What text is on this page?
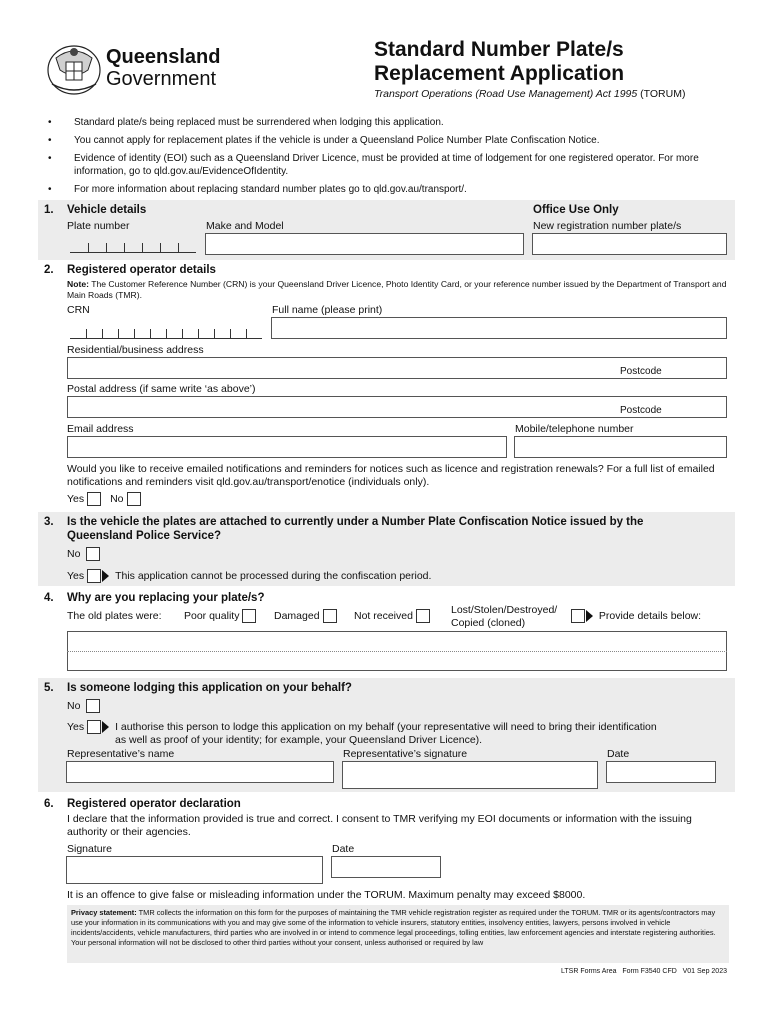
Queensland
Government
Standard Number Plate/s
Replacement Application
Transport Operations (Road Use Management) Act 1995 (TORUM)
• Standard plate/s being replaced must be surrendered when lodging this application.
• You cannot apply for replacement plates if the vehicle is under a Queensland Police Number Plate Confiscation Notice.
• Evidence of identity (EOI) such as a Queensland Driver Licence, must be provided at time of lodgement for one registered operator. For more information, go to qld.gov.au/EvidenceOfIdentity.
• For more information about replacing standard number plates go to qld.gov.au/transport/.
1. Vehicle details
Plate number	Make and Model
Office Use Only
New registration number plate/s
2. Registered operator details
Note: The Customer Reference Number (CRN) is your Queensland Driver Licence, Photo Identity Card, or your reference number issued by the Department of Transport and Main Roads (TMR).
CRN	Full name (please print)
Residential/business address
Postcode
Postal address (if same write ‘as above’)
Postcode
Email address	Mobile/telephone number
Would you like to receive emailed notifications and reminders for notices such as licence and registration renewals? For a full list of emailed notifications and reminders visit qld.gov.au/transport/enotice (individuals only).
Yes No
3. Is the vehicle the plates are attached to currently under a Number Plate Confiscation Notice issued by the
Queensland Police Service?
No
Yes	This application cannot be processed during the confiscation period.
4. Why are you replacing your plate/s?
The old plates were: Poor quality	Damaged	Not received	Lost/Stolen/Destroyed/
Copied (cloned)
Provide details below:
5. Is someone lodging this application on your behalf?
No
Yes	I authorise this person to lodge this application on my behalf (your representative will need to bring their identification
as well as proof of your identity; for example, your Queensland Driver Licence).
Representative’s name	Representative’s signature	Date
6. Registered operator declaration
I declare that the information provided is true and correct. I consent to TMR verifying my EOI documents or information with the issuing authority or their agencies.
Signature	Date
It is an offence to give false or misleading information under the TORUM. Maximum penalty may exceed $8000.
Privacy statement: TMR collects the information on this form for the purposes of maintaining the TMR vehicle registration register as required under the TORUM. TMR or its agents/contractors may use your information in its communications with you and may give some of the information to vehicle insurers, statutory entities, insolvency entities, lawyers, persons involved in vehicle incidents/accidents, vehicle manufacturers, third parties who are involved in or intend to commence legal proceedings, tolling entities, law enforcement agencies and interstate registering authorities. Your personal information will not be disclosed to other third parties without your consent, unless authorised or required by law
LTSR Forms Area   Form F3540 CFD   V01 Sep 2023
